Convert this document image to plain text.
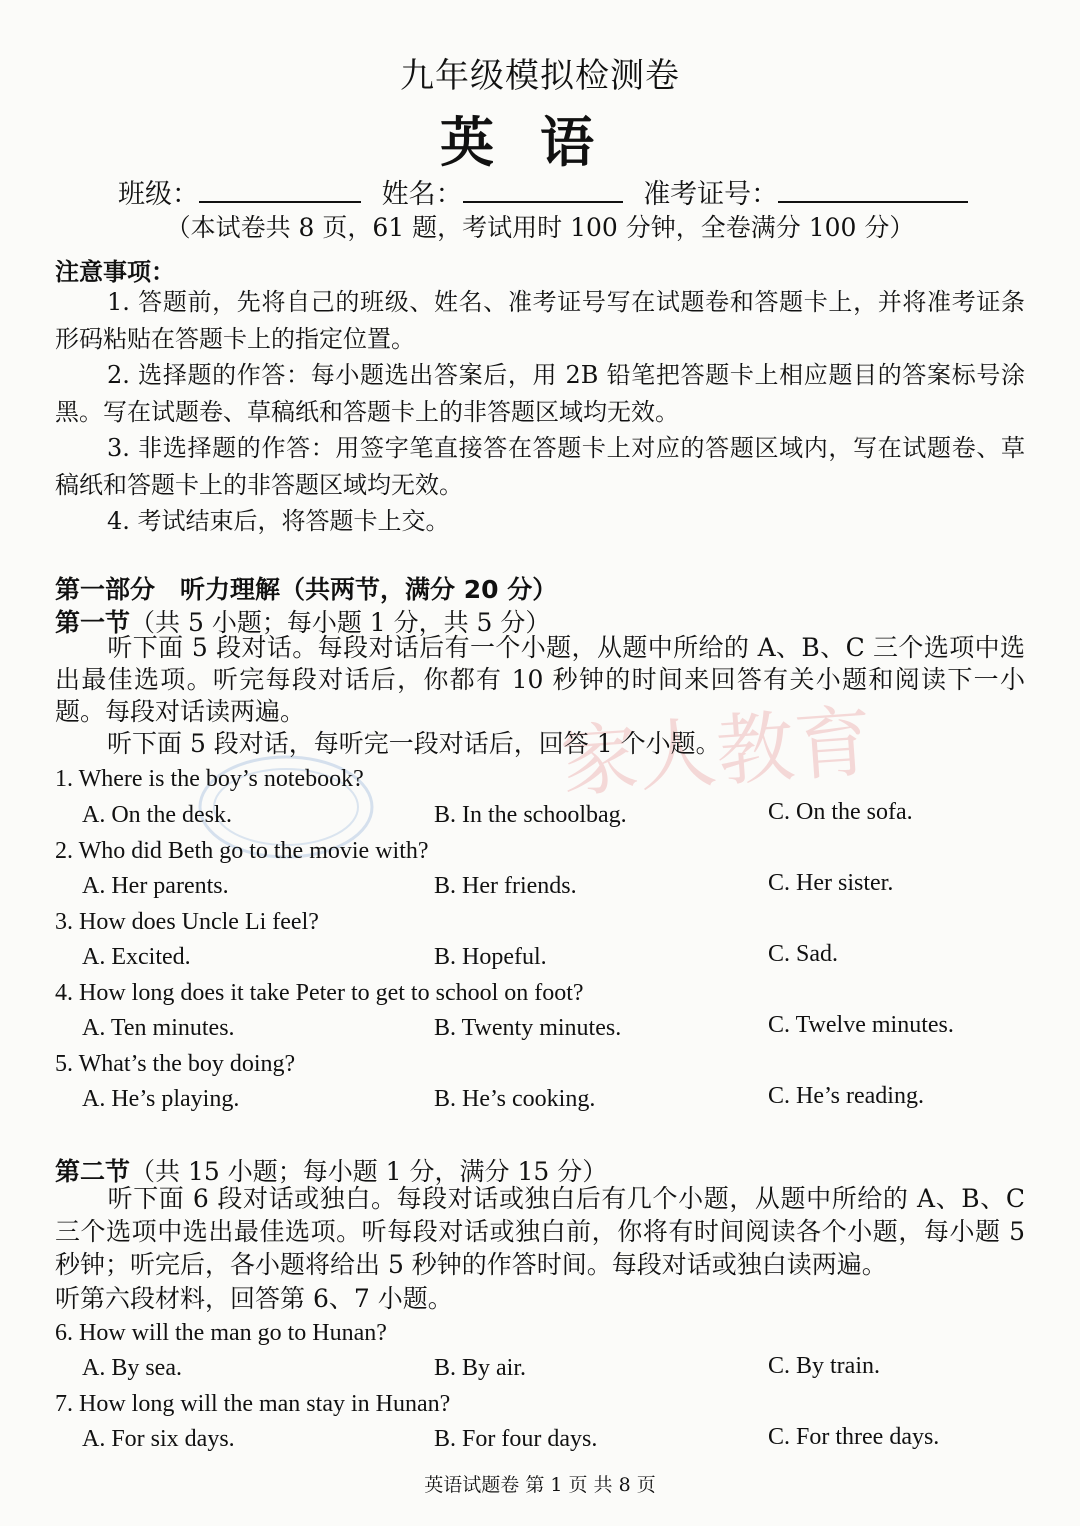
家人教育
九年级模拟检测卷
英语
班级：	姓名：	准考证号：
（本试卷共 8 页，61 题，考试用时 100 分钟，全卷满分 100 分）
注意事项：
1. 答题前，先将自己的班级、姓名、准考证号写在试题卷和答题卡上，并将准考证条形码粘贴在答题卡上的指定位置。
2. 选择题的作答：每小题选出答案后，用 2B 铅笔把答题卡上相应题目的答案标号涂黑。写在试题卷、草稿纸和答题卡上的非答题区域均无效。
3. 非选择题的作答：用签字笔直接答在答题卡上对应的答题区域内，写在试题卷、草稿纸和答题卡上的非答题区域均无效。
4. 考试结束后，将答题卡上交。
第一部分　听力理解（共两节，满分 20 分）
第一节（共 5 小题；每小题 1 分，共 5 分）
听下面 5 段对话。每段对话后有一个小题，从题中所给的 A、B、C 三个选项中选出最佳选项。听完每段对话后，你都有 10 秒钟的时间来回答有关小题和阅读下一小题。每段对话读两遍。
听下面 5 段对话，每听完一段对话后，回答 1 个小题。
1. Where is the boy’s notebook?
A. On the desk.	B. In the schoolbag.	C. On the sofa.
2. Who did Beth go to the movie with?
A. Her parents.	B. Her friends.	C. Her sister.
3. How does Uncle Li feel?
A. Excited.	B. Hopeful.	C. Sad.
4. How long does it take Peter to get to school on foot?
A. Ten minutes.	B. Twenty minutes.	C. Twelve minutes.
5. What’s the boy doing?
A. He’s playing.	B. He’s cooking.	C. He’s reading.
第二节（共 15 小题；每小题 1 分，满分 15 分）
听下面 6 段对话或独白。每段对话或独白后有几个小题，从题中所给的 A、B、C 三个选项中选出最佳选项。听每段对话或独白前，你将有时间阅读各个小题，每小题 5 秒钟；听完后，各小题将给出 5 秒钟的作答时间。每段对话或独白读两遍。
听第六段材料，回答第 6、7 小题。
6. How will the man go to Hunan?
A. By sea.	B. By air.	C. By train.
7. How long will the man stay in Hunan?
A. For six days.	B. For four days.	C. For three days.
英语试题卷 第 1 页 共 8 页
